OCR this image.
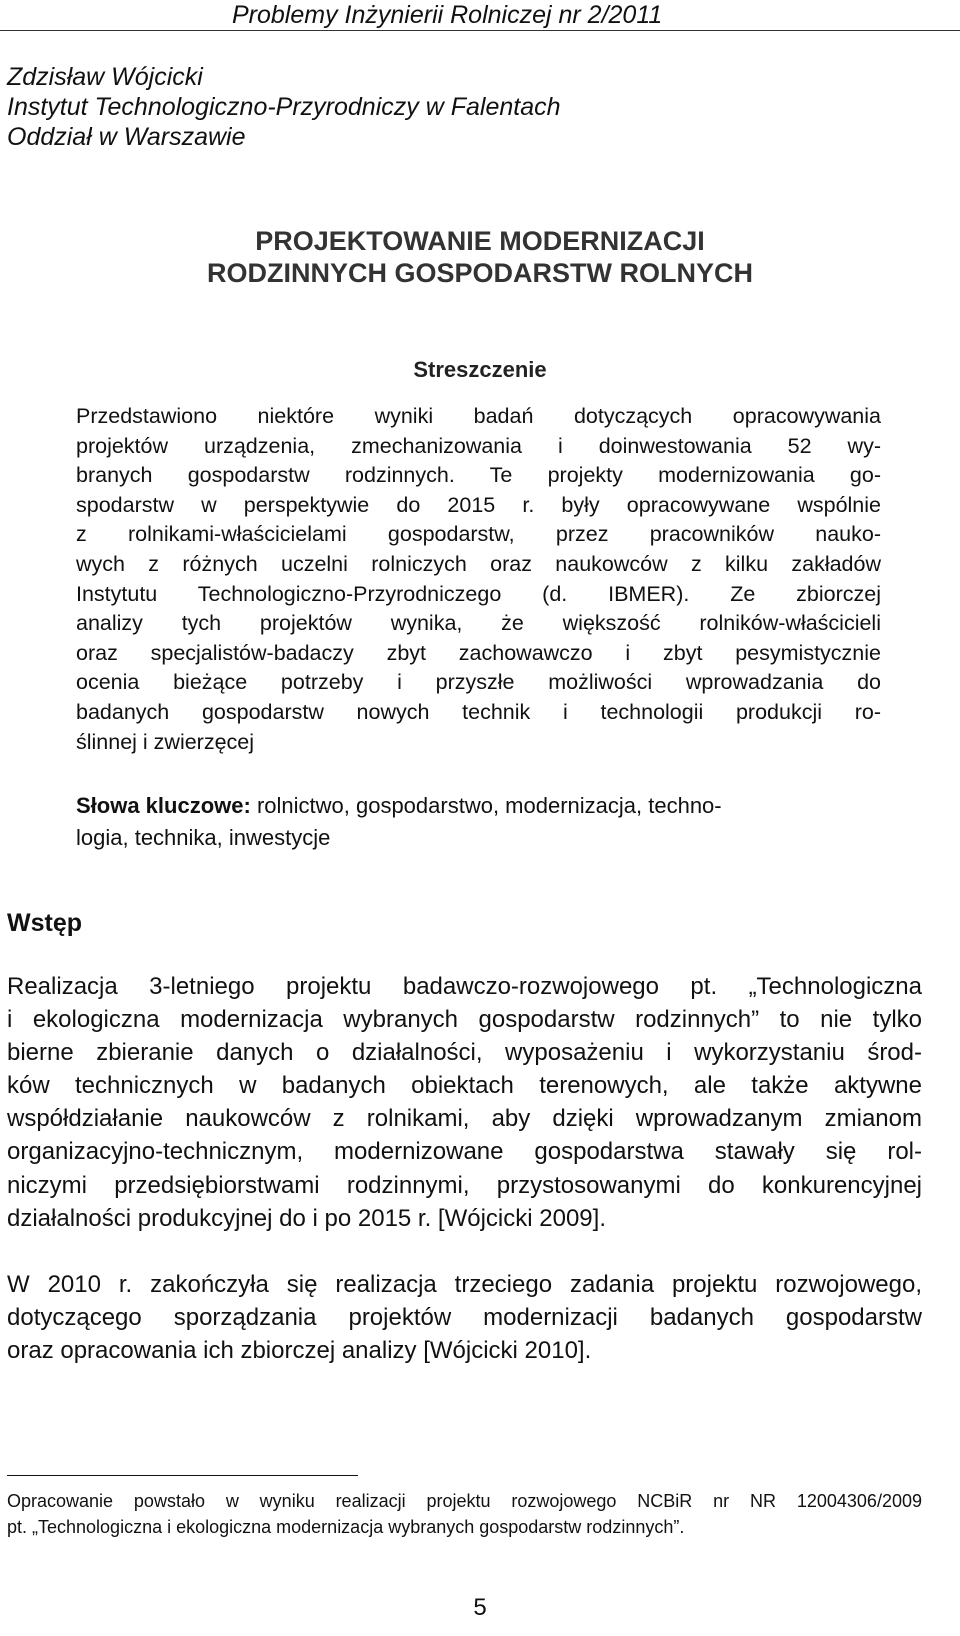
Problemy Inżynierii Rolniczej nr 2/2011
Zdzisław Wójcicki
Instytut Technologiczno-Przyrodniczy w Falentach
Oddział w Warszawie
PROJEKTOWANIE MODERNIZACJI
RODZINNYCH GOSPODARSTW ROLNYCH
Streszczenie
Przedstawiono niektóre wyniki badań dotyczących opracowywania
projektów urządzenia, zmechanizowania i doinwestowania 52 wy-
branych gospodarstw rodzinnych. Te projekty modernizowania go-
spodarstw w perspektywie do 2015 r. były opracowywane wspólnie
z rolnikami-właścicielami gospodarstw, przez pracowników nauko-
wych z różnych uczelni rolniczych oraz naukowców z kilku zakładów
Instytutu Technologiczno-Przyrodniczego (d. IBMER). Ze zbiorczej
analizy tych projektów wynika, że większość rolników-właścicieli
oraz specjalistów-badaczy zbyt zachowawczo i zbyt pesymistycznie
ocenia bieżące potrzeby i przyszłe możliwości wprowadzania do
badanych gospodarstw nowych technik i technologii produkcji ro-
ślinnej i zwierzęcej
Słowa kluczowe: rolnictwo, gospodarstwo, modernizacja, techno-
logia, technika, inwestycje
Wstęp
Realizacja 3-letniego projektu badawczo-rozwojowego pt. „Technologiczna
i ekologiczna modernizacja wybranych gospodarstw rodzinnych” to nie tylko
bierne zbieranie danych o działalności, wyposażeniu i wykorzystaniu środ-
ków technicznych w badanych obiektach terenowych, ale także aktywne
współdziałanie naukowców z rolnikami, aby dzięki wprowadzanym zmianom
organizacyjno-technicznym, modernizowane gospodarstwa stawały się rol-
niczymi przedsiębiorstwami rodzinnymi, przystosowanymi do konkurencyjnej
działalności produkcyjnej do i po 2015 r. [Wójcicki 2009].
W 2010 r. zakończyła się realizacja trzeciego zadania projektu rozwojowego,
dotyczącego sporządzania projektów modernizacji badanych gospodarstw
oraz opracowania ich zbiorczej analizy [Wójcicki 2010].
Opracowanie powstało w wyniku realizacji projektu rozwojowego NCBiR nr NR 12004306/2009
pt. „Technologiczna i ekologiczna modernizacja wybranych gospodarstw rodzinnych”.
5
